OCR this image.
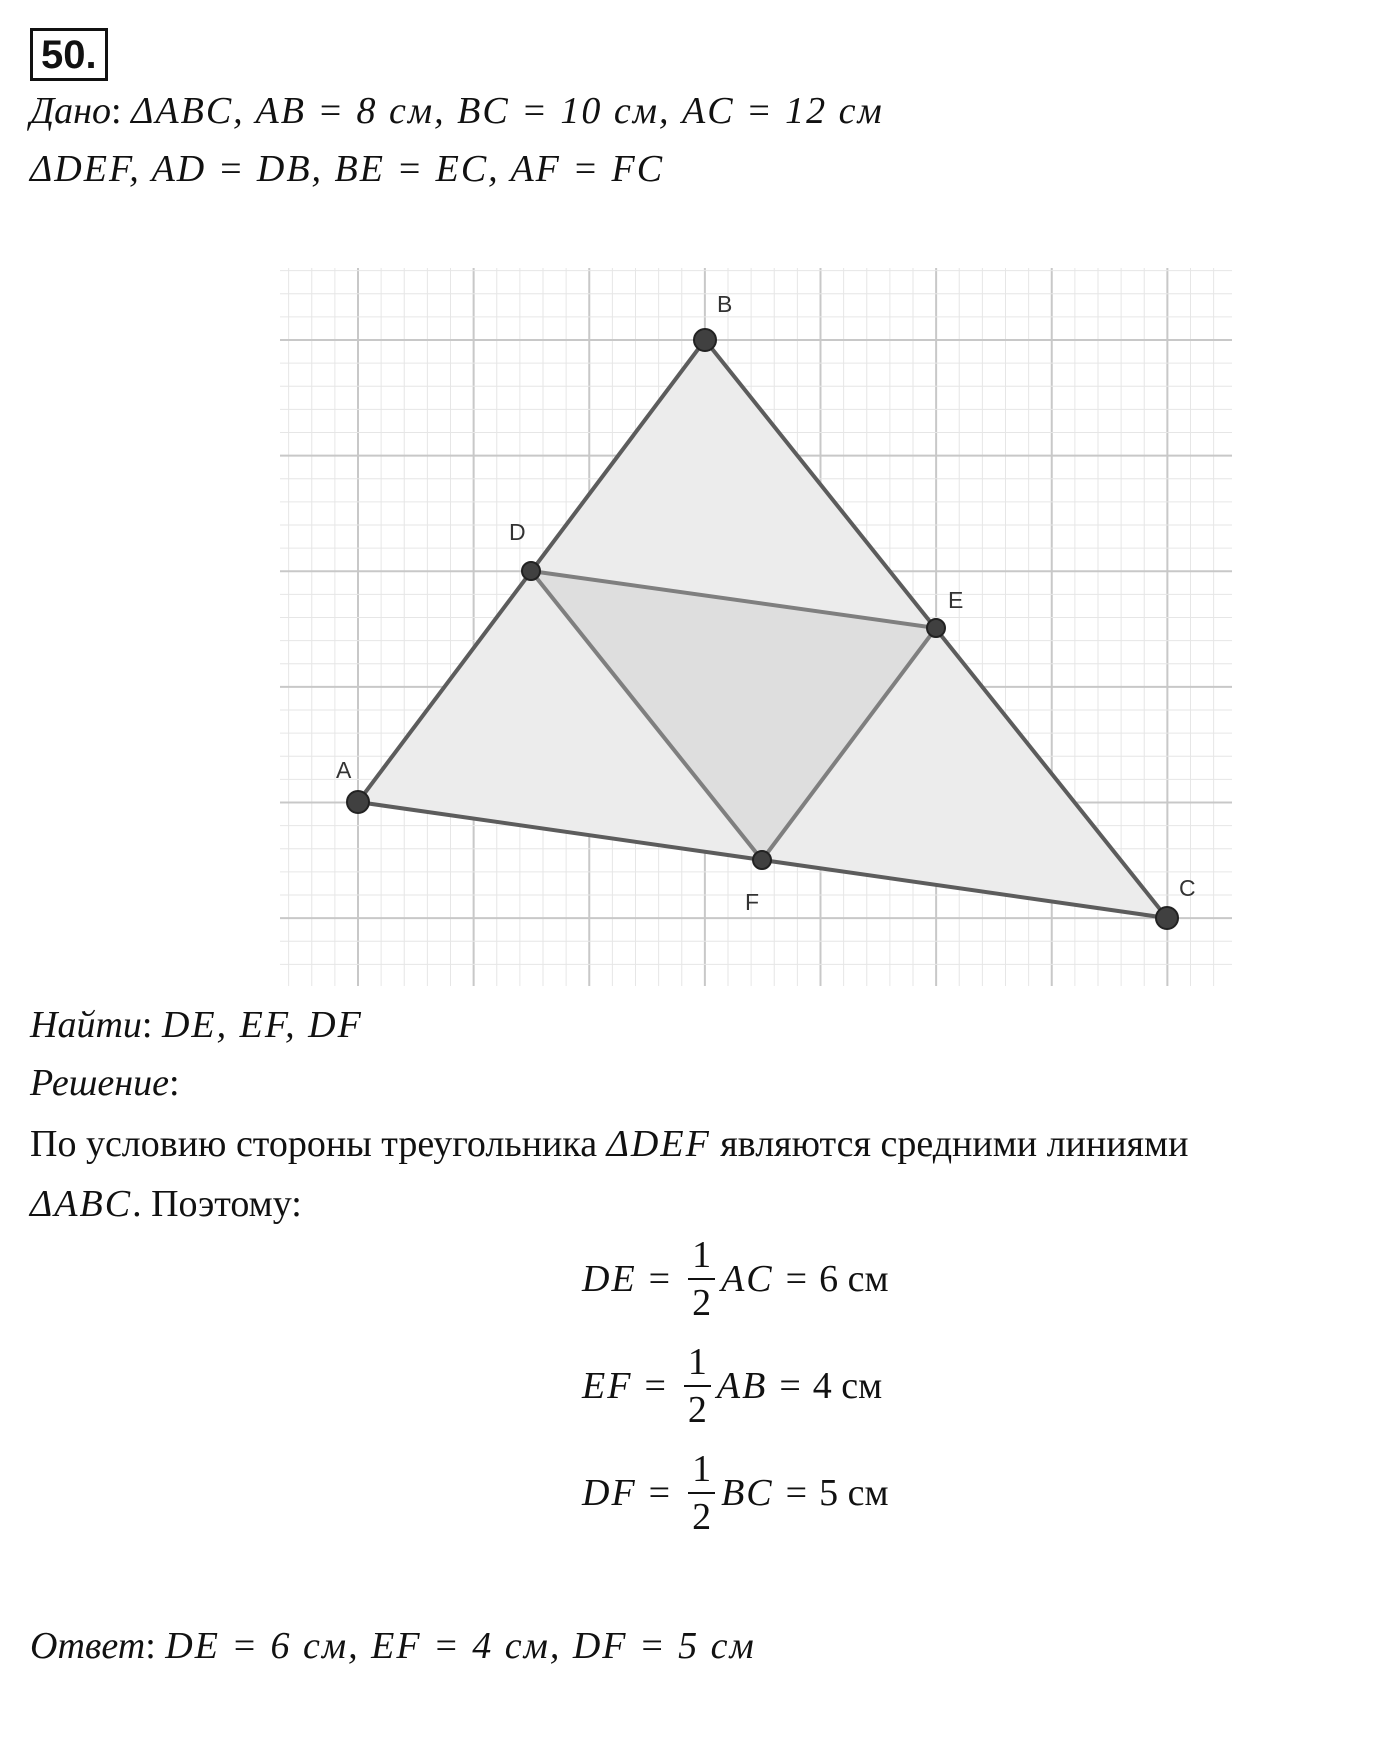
50.
Дано: ΔABC, AB = 8 см, BC = 10 см, AC = 12 см
ΔDEF, AD = DB, BE = EC, AF = FC
A
B
C
D
E
F
Найти: DE, EF, DF
Решение:
По условию стороны треугольника ΔDEF являются средними линиями
ΔABC. Поэтому:
DE = $\frac{1}{2}$ AC = 6 см
EF = $\frac{1}{2}$ AB = 4 см
DF = $\frac{1}{2}$ BC = 5 см
Ответ: DE = 6 см, EF = 4 см, DF = 5 см
